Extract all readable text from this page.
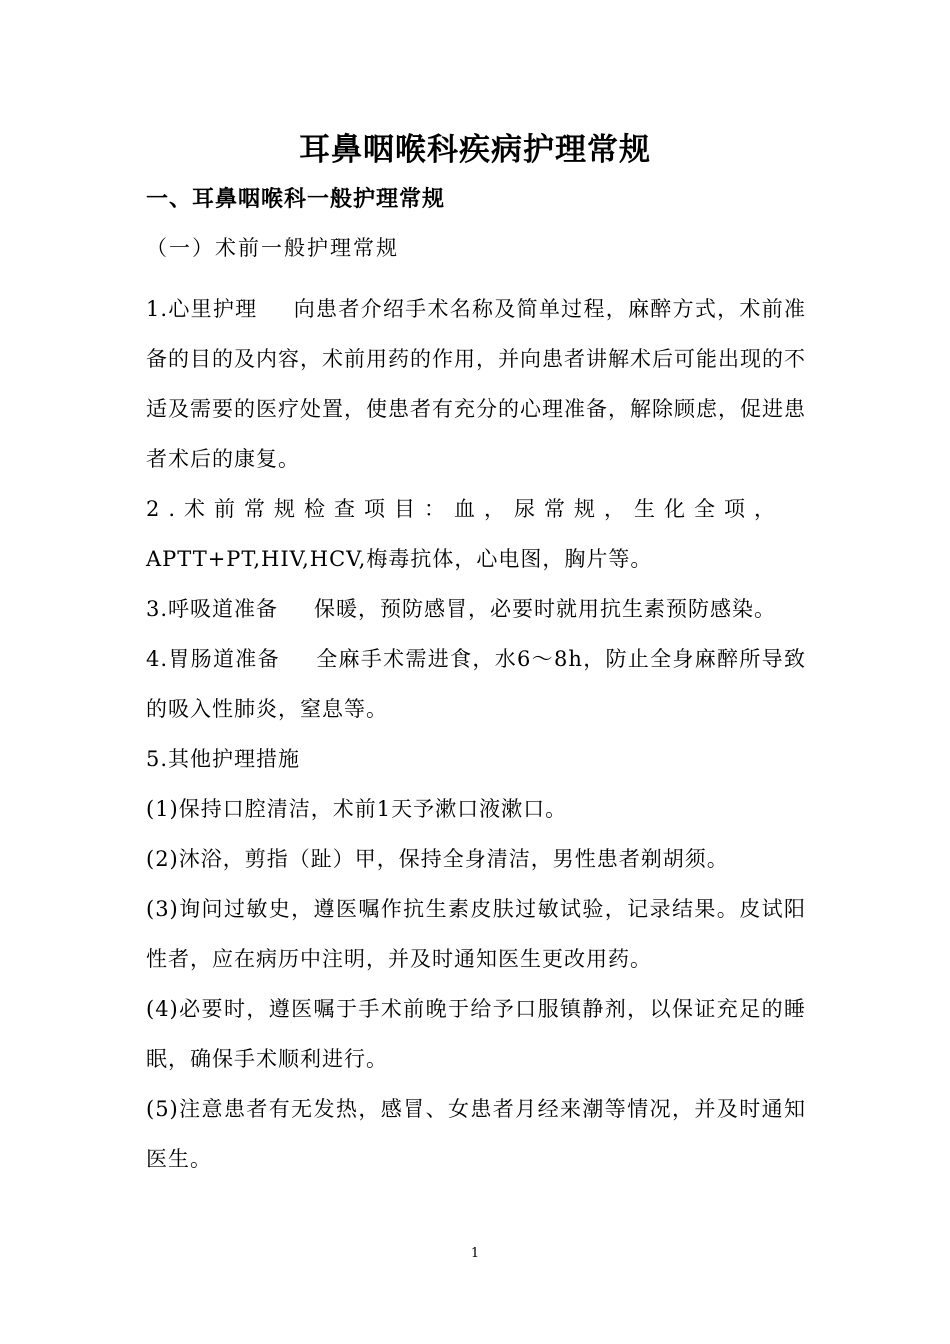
耳鼻咽喉科疾病护理常规
一、耳鼻咽喉科一般护理常规
（一）术前一般护理常规

1.心里护理 向患者介绍手术名称及简单过程，麻醉方式，术前准备的目的及内容，术前用药的作用，并向患者讲解术后可能出现的不适及需要的医疗处置，使患者有充分的心理准备，解除顾虑，促进患者术后的康复。

2.术前常规检查项目：血，尿常规，生化全项，

APTT+PT,HIV,HCV,梅毒抗体，心电图，胸片等。

3.呼吸道准备 保暖，预防感冒，必要时就用抗生素预防感染。

4.胃肠道准备 全麻手术需进食，水6～8h，防止全身麻醉所导致的吸入性肺炎，窒息等。

5.其他护理措施

(1)保持口腔清洁，术前1天予漱口液漱口。

(2)沐浴，剪指（趾）甲，保持全身清洁，男性患者剃胡须。

(3)询问过敏史，遵医嘱作抗生素皮肤过敏试验，记录结果。皮试阳性者，应在病历中注明，并及时通知医生更改用药。

(4)必要时，遵医嘱于手术前晚于给予口服镇静剂，以保证充足的睡眠，确保手术顺利进行。

(5)注意患者有无发热，感冒、女患者月经来潮等情况，并及时通知医生。

1
